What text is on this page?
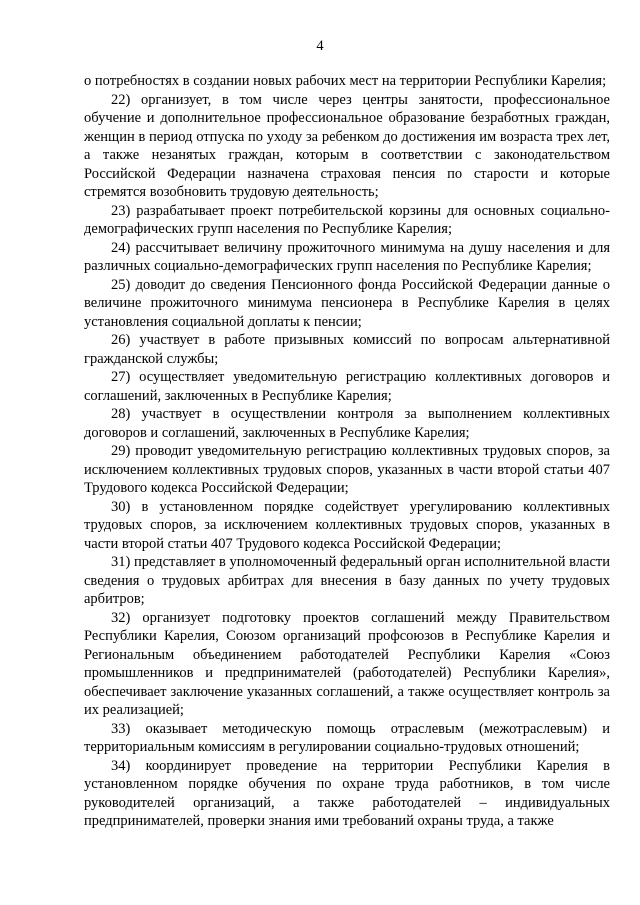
4

о потребностях в создании новых рабочих мест на территории Республики Карелия;

22) организует, в том числе через центры занятости, профессиональное обучение и дополнительное профессиональное образование безработных граждан, женщин в период отпуска по уходу за ребенком до достижения им возраста трех лет, а также незанятых граждан, которым в соответствии с законодательством Российской Федерации назначена страховая пенсия по старости и которые стремятся возобновить трудовую деятельность;

23) разрабатывает проект потребительской корзины для основных социально-демографических групп населения по Республике Карелия;

24) рассчитывает величину прожиточного минимума на душу населения и для различных социально-демографических групп населения по Республике Карелия;

25) доводит до сведения Пенсионного фонда Российской Федерации данные о величине прожиточного минимума пенсионера в Республике Карелия в целях установления социальной доплаты к пенсии;

26) участвует в работе призывных комиссий по вопросам альтернативной гражданской службы;

27) осуществляет уведомительную регистрацию коллективных договоров и соглашений, заключенных в Республике Карелия;

28) участвует в осуществлении контроля за выполнением коллективных договоров и соглашений, заключенных в Республике Карелия;

29) проводит уведомительную регистрацию коллективных трудовых споров, за исключением коллективных трудовых споров, указанных в части второй статьи 407 Трудового кодекса Российской Федерации;

30) в установленном порядке содействует урегулированию коллективных трудовых споров, за исключением коллективных трудовых споров, указанных в части второй статьи 407 Трудового кодекса Российской Федерации;

31) представляет в уполномоченный федеральный орган исполнительной власти сведения о трудовых арбитрах для внесения в базу данных по учету трудовых арбитров;

32) организует подготовку проектов соглашений между Правительством Республики Карелия, Союзом организаций профсоюзов в Республике Карелия и Региональным объединением работодателей Республики Карелия «Союз промышленников и предпринимателей (работодателей) Республики Карелия», обеспечивает заключение указанных соглашений, а также осуществляет контроль за их реализацией;

33) оказывает методическую помощь отраслевым (межотраслевым) и территориальным комиссиям в регулировании социально-трудовых отношений;

34) координирует проведение на территории Республики Карелия в установленном порядке обучения по охране труда работников, в том числе руководителей организаций, а также работодателей – индивидуальных предпринимателей, проверки знания ими требований охраны труда, а также
